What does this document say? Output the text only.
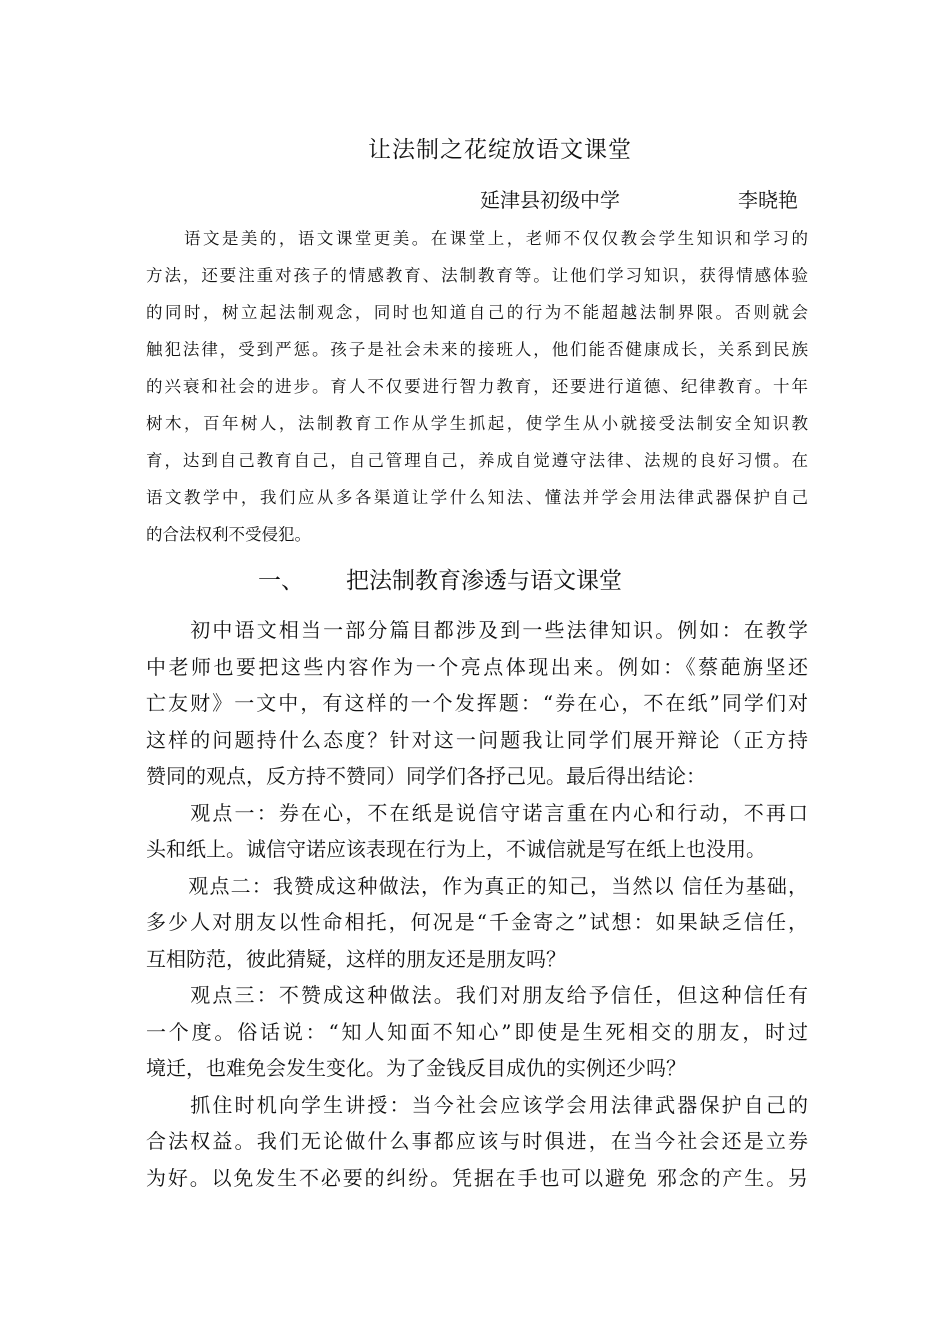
让法制之花绽放语文课堂
延津县初级中学	李晓艳

　　语文是美的，语文课堂更美。在课堂上，老师不仅仅教会学生知识和学习的
方法，还要注重对孩子的情感教育、法制教育等。让他们学习知识，获得情感体验
的同时，树立起法制观念，同时也知道自己的行为不能超越法制界限。否则就会
触犯法律，受到严惩。孩子是社会未来的接班人，他们能否健康成长，关系到民族
的兴衰和社会的进步。育人不仅要进行智力教育，还要进行道德、纪律教育。十年
树木，百年树人，法制教育工作从学生抓起，使学生从小就接受法制安全知识教
育，达到自己教育自己，自己管理自己，养成自觉遵守法律、法规的良好习惯。在
语文教学中，我们应从多各渠道让学什么知法、懂法并学会用法律武器保护自己
的合法权利不受侵犯。

一、 把法制教育渗透与语文课堂
　　初中语文相当一部分篇目都涉及到一些法律知识。例如：在教学
中老师也要把这些内容作为一个亮点体现出来。例如：《蔡葩旃坚还
亡友财》一文中，有这样的一个发挥题：“券在心，不在纸”同学们对
这样的问题持什么态度？针对这一问题我让同学们展开辩论（正方持
赞同的观点，反方持不赞同）同学们各抒己见。最后得出结论：
　　观点一：券在心，不在纸是说信守诺言重在内心和行动，不再口
头和纸上。诚信守诺应该表现在行为上，不诚信就是写在纸上也没用。
　　观点二：我赞成这种做法，作为真正的知己，当然以 信任为基础，
多少人对朋友以性命相托，何况是“千金寄之”试想：如果缺乏信任，
互相防范，彼此猜疑，这样的朋友还是朋友吗？
　　观点三：不赞成这种做法。我们对朋友给予信任，但这种信任有
一个度。俗话说：“知人知面不知心”即使是生死相交的朋友，时过
境迁，也难免会发生变化。为了金钱反目成仇的实例还少吗？
　　抓住时机向学生讲授：当今社会应该学会用法律武器保护自己的
合法权益。我们无论做什么事都应该与时俱进，在当今社会还是立券
为好。以免发生不必要的纠纷。凭据在手也可以避免 邪念的产生。另
